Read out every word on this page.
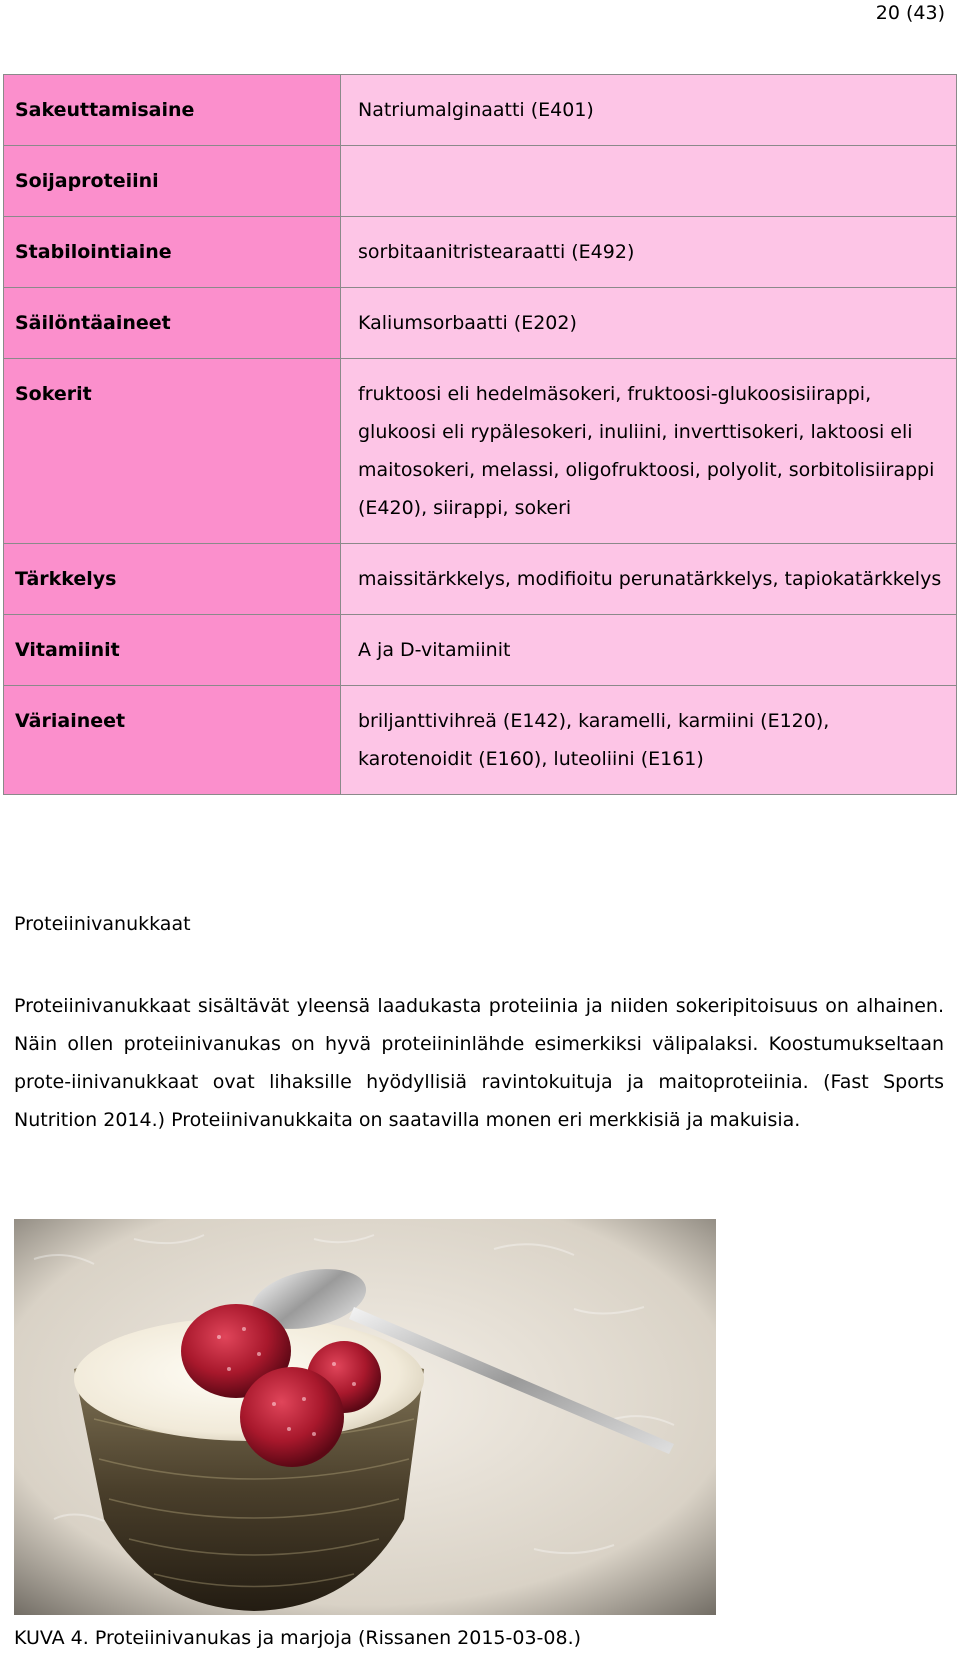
20 (43)
Sakeuttamisaine	Natriumalginaatti (E401)
Soijaproteiini	
Stabilointiaine	sorbitaanitristearaatti (E492)
Säilöntäaineet	Kaliumsorbaatti (E202)
Sokerit	fruktoosi eli hedelmäsokeri, fruktoosi-glukoosisiirappi, glukoosi eli rypälesokeri, inuliini, inverttisokeri, laktoosi eli maitosokeri, melassi, oligofruktoosi, polyolit, sorbitolisiirappi (E420), siirappi, sokeri
Tärkkelys	maissitärkkelys, modifioitu perunatärkkelys, tapiokatärkkelys
Vitamiinit	A ja D-vitamiinit
Väriaineet	briljanttivihreä (E142), karamelli, karmiini (E120), karotenoidit (E160), luteoliini (E161)
Proteiinivanukkaat

Proteiinivanukkaat sisältävät yleensä laadukasta proteiinia ja niiden sokeripitoisuus on alhainen. Näin ollen proteiinivanukas on hyvä proteiininlähde esimerkiksi välipalaksi. Koostumukseltaan prote-iinivanukkaat ovat lihaksille hyödyllisiä ravintokuituja ja maitoproteiinia. (Fast Sports Nutrition 2014.) Proteiinivanukkaita on saatavilla monen eri merkkisiä ja makuisia.

KUVA 4. Proteiinivanukas ja marjoja (Rissanen 2015-03-08.)
